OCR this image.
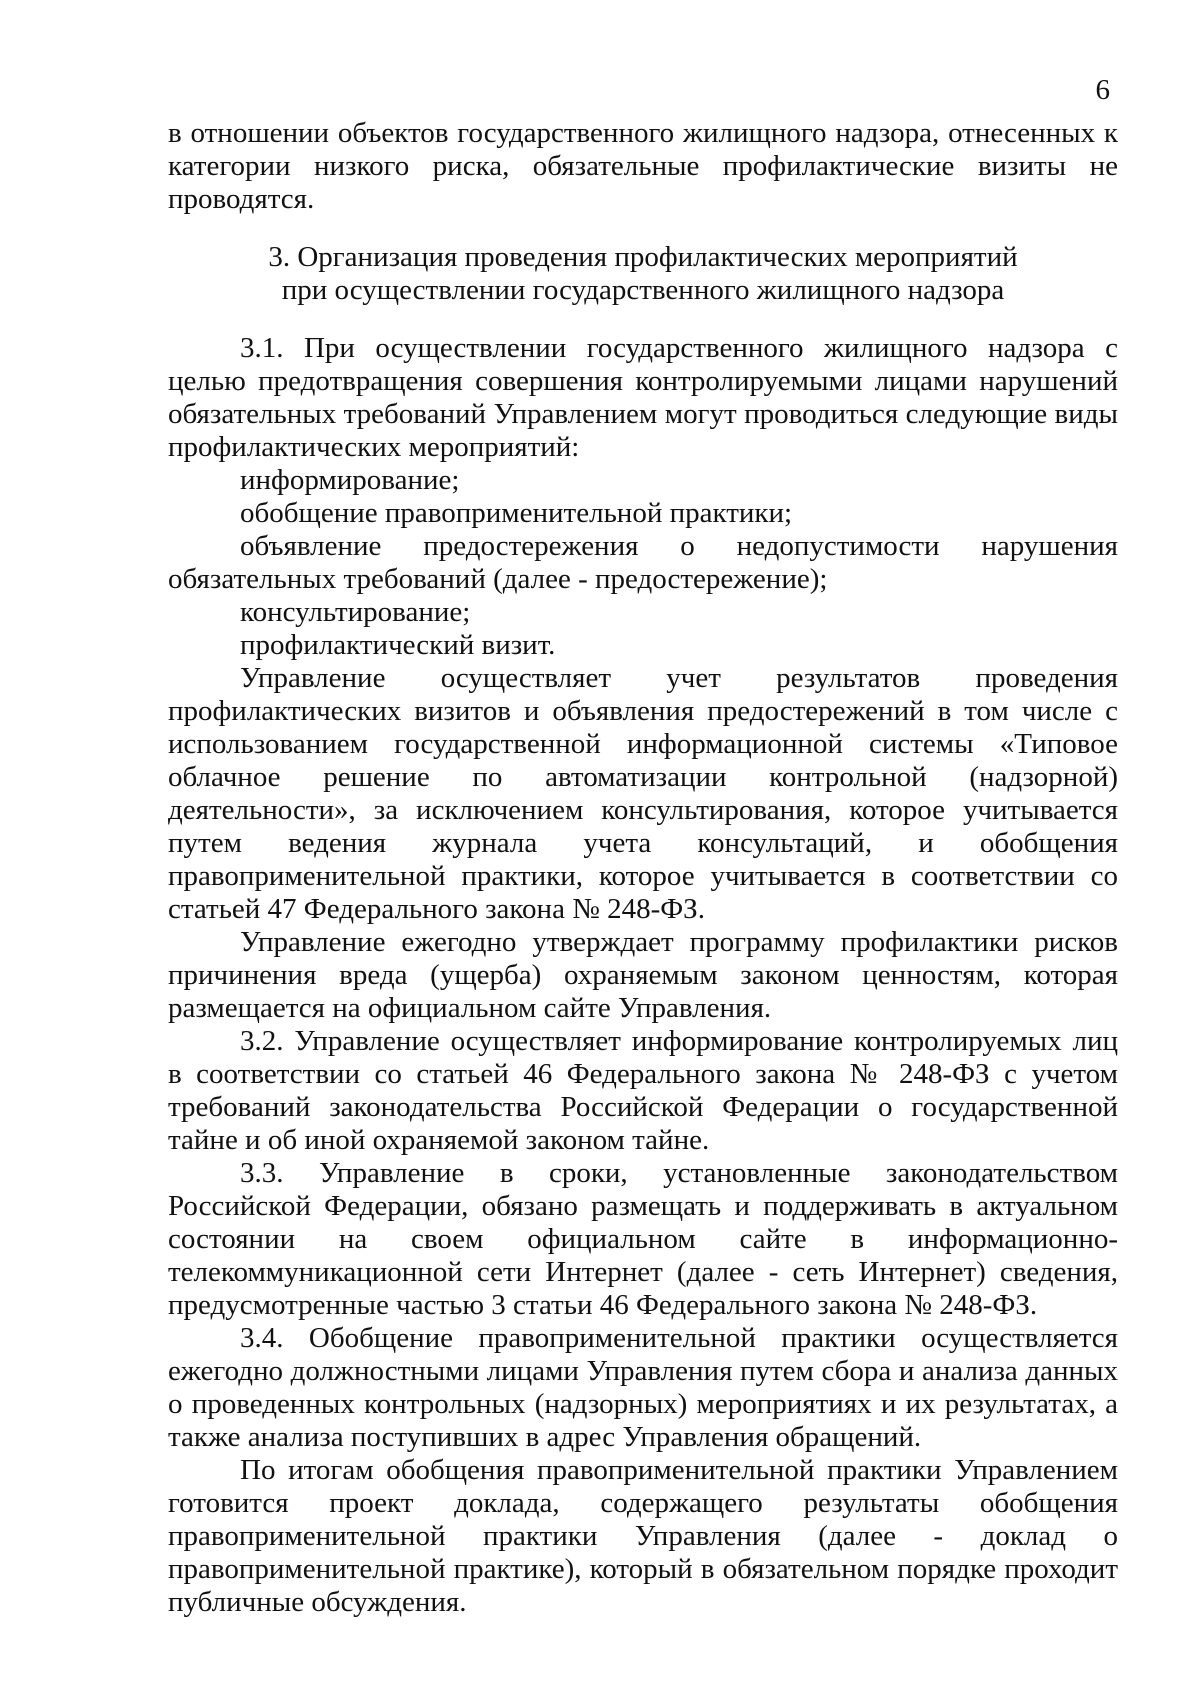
6

в отношении объектов государственного жилищного надзора, отнесенных к категории низкого риска, обязательные профилактические визиты не проводятся.

3. Организация проведения профилактических мероприятий
при осуществлении государственного жилищного надзора

3.1. При осуществлении государственного жилищного надзора с целью предотвращения совершения контролируемыми лицами нарушений обязательных требований Управлением могут проводиться следующие виды профилактических мероприятий:

информирование;

обобщение правоприменительной практики;

объявление предостережения о недопустимости нарушения обязательных требований (далее - предостережение);

консультирование;

профилактический визит.

Управление осуществляет учет результатов проведения профилактических визитов и объявления предостережений в том числе с использованием государственной информационной системы «Типовое облачное решение по автоматизации контрольной (надзорной) деятельности», за исключением консультирования, которое учитывается путем ведения журнала учета консультаций, и обобщения правоприменительной практики, которое учитывается в соответствии со статьей 47 Федерального закона № 248-ФЗ.

Управление ежегодно утверждает программу профилактики рисков причинения вреда (ущерба) охраняемым законом ценностям, которая размещается на официальном сайте Управления.

3.2. Управление осуществляет информирование контролируемых лиц в соответствии со статьей 46 Федерального закона № 248-ФЗ с учетом требований законодательства Российской Федерации о государственной тайне и об иной охраняемой законом тайне.

3.3. Управление в сроки, установленные законодательством Российской Федерации, обязано размещать и поддерживать в актуальном состоянии на своем официальном сайте в информационно-телекоммуникационной сети Интернет (далее - сеть Интернет) сведения, предусмотренные частью 3 статьи 46 Федерального закона № 248-ФЗ.

3.4. Обобщение правоприменительной практики осуществляется ежегодно должностными лицами Управления путем сбора и анализа данных о проведенных контрольных (надзорных) мероприятиях и их результатах, а также анализа поступивших в адрес Управления обращений.

По итогам обобщения правоприменительной практики Управлением готовится проект доклада, содержащего результаты обобщения правоприменительной практики Управления (далее - доклад о правоприменительной практике), который в обязательном порядке проходит публичные обсуждения.
